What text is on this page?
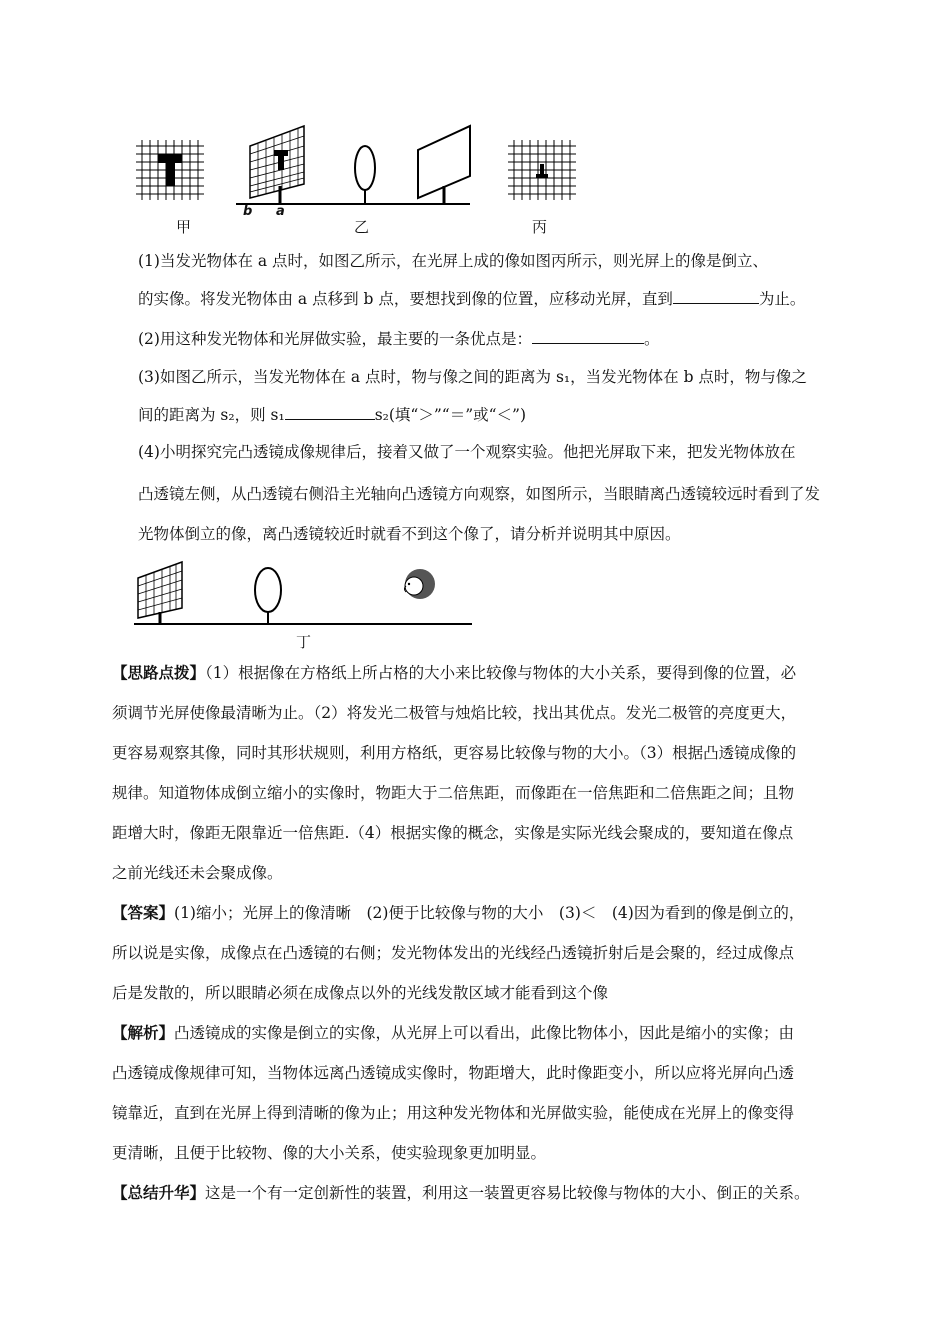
b a
甲	乙	丙
(1)当发光物体在 a 点时，如图乙所示，在光屏上成的像如图丙所示，则光屏上的像是倒立、
的实像。将发光物体由 a 点移到 b 点，要想找到像的位置，应移动光屏，直到	为止。
(2)用这种发光物体和光屏做实验，最主要的一条优点是：	。
(3)如图乙所示，当发光物体在 a 点时，物与像之间的距离为 s₁，当发光物体在 b 点时，物与像之
间的距离为 s₂，则 s₁	s₂(填“＞”“＝”或“＜”)
(4)小明探究完凸透镜成像规律后，接着又做了一个观察实验。他把光屏取下来，把发光物体放在
凸透镜左侧，从凸透镜右侧沿主光轴向凸透镜方向观察，如图所示，当眼睛离凸透镜较远时看到了发
光物体倒立的像，离凸透镜较近时就看不到这个像了，请分析并说明其中原因。
丁
【思路点拨】（1）根据像在方格纸上所占格的大小来比较像与物体的大小关系，要得到像的位置，必
须调节光屏使像最清晰为止。（2）将发光二极管与烛焰比较，找出其优点。发光二极管的亮度更大，
更容易观察其像，同时其形状规则，利用方格纸，更容易比较像与物的大小。（3）根据凸透镜成像的
规律。知道物体成倒立缩小的实像时，物距大于二倍焦距，而像距在一倍焦距和二倍焦距之间；且物
距增大时，像距无限靠近一倍焦距.（4）根据实像的概念，实像是实际光线会聚成的，要知道在像点
之前光线还未会聚成像。
【答案】(1)缩小；光屏上的像清晰　(2)便于比较像与物的大小　(3)＜　(4)因为看到的像是倒立的，
所以说是实像，成像点在凸透镜的右侧；发光物体发出的光线经凸透镜折射后是会聚的，经过成像点
后是发散的，所以眼睛必须在成像点以外的光线发散区域才能看到这个像
【解析】凸透镜成的实像是倒立的实像，从光屏上可以看出，此像比物体小，因此是缩小的实像；由
凸透镜成像规律可知，当物体远离凸透镜成实像时，物距增大，此时像距变小，所以应将光屏向凸透
镜靠近，直到在光屏上得到清晰的像为止；用这种发光物体和光屏做实验，能使成在光屏上的像变得
更清晰，且便于比较物、像的大小关系，使实验现象更加明显。
【总结升华】这是一个有一定创新性的装置，利用这一装置更容易比较像与物体的大小、倒正的关系。
